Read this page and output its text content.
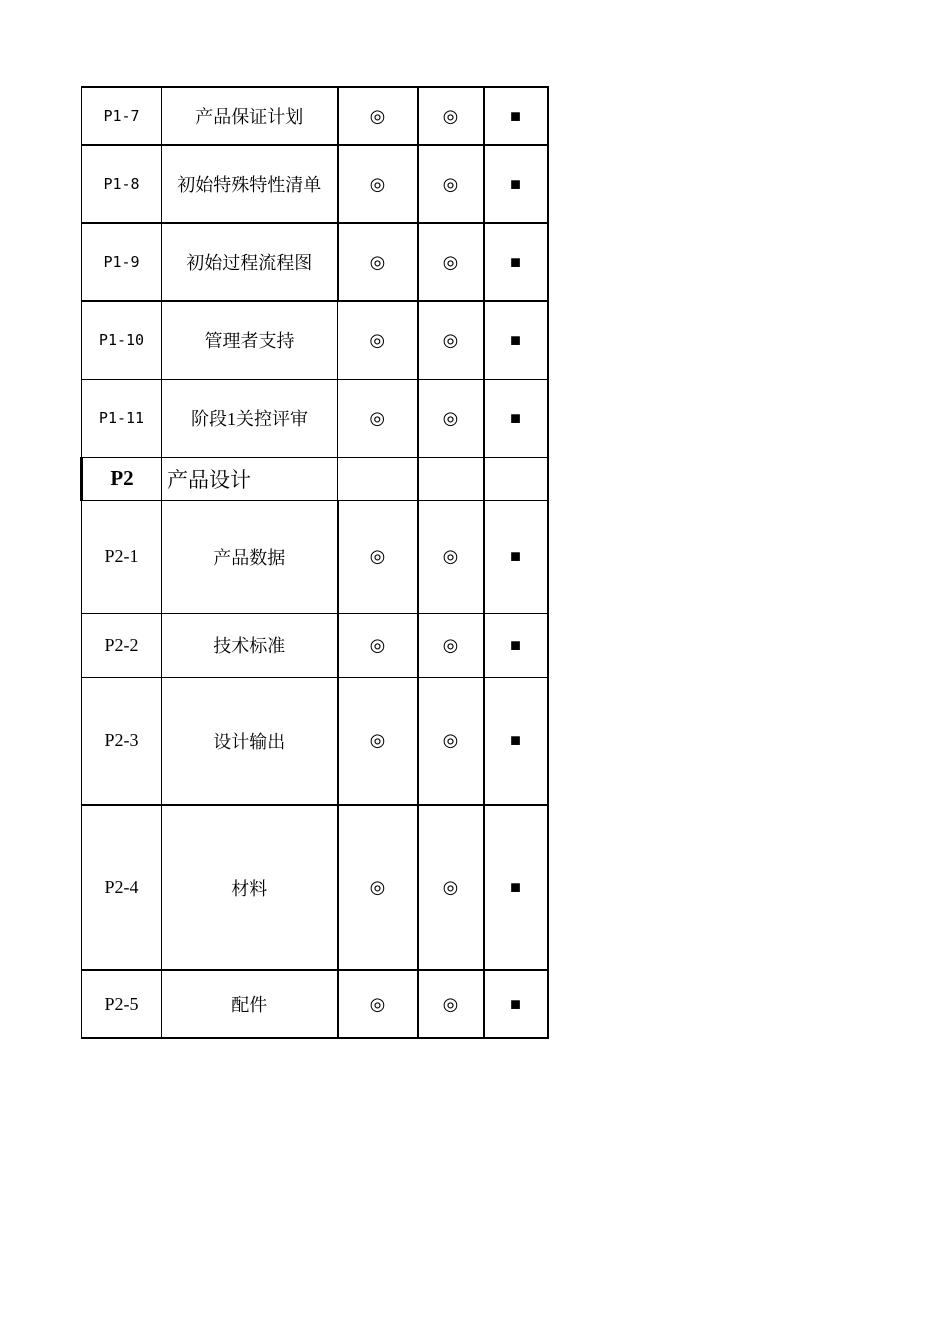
P1-7	产品保证计划	◎	◎	■
P1-8	初始特殊特性清单	◎	◎	■
P1-9	初始过程流程图	◎	◎	■
P1-10	管理者支持	◎	◎	■
P1-11	阶段1关控评审	◎	◎	■
P2	产品设计			
P2-1	产品数据	◎	◎	■
P2-2	技术标准	◎	◎	■
P2-3	设计输出	◎	◎	■
P2-4	材料	◎	◎	■
P2-5	配件	◎	◎	■
